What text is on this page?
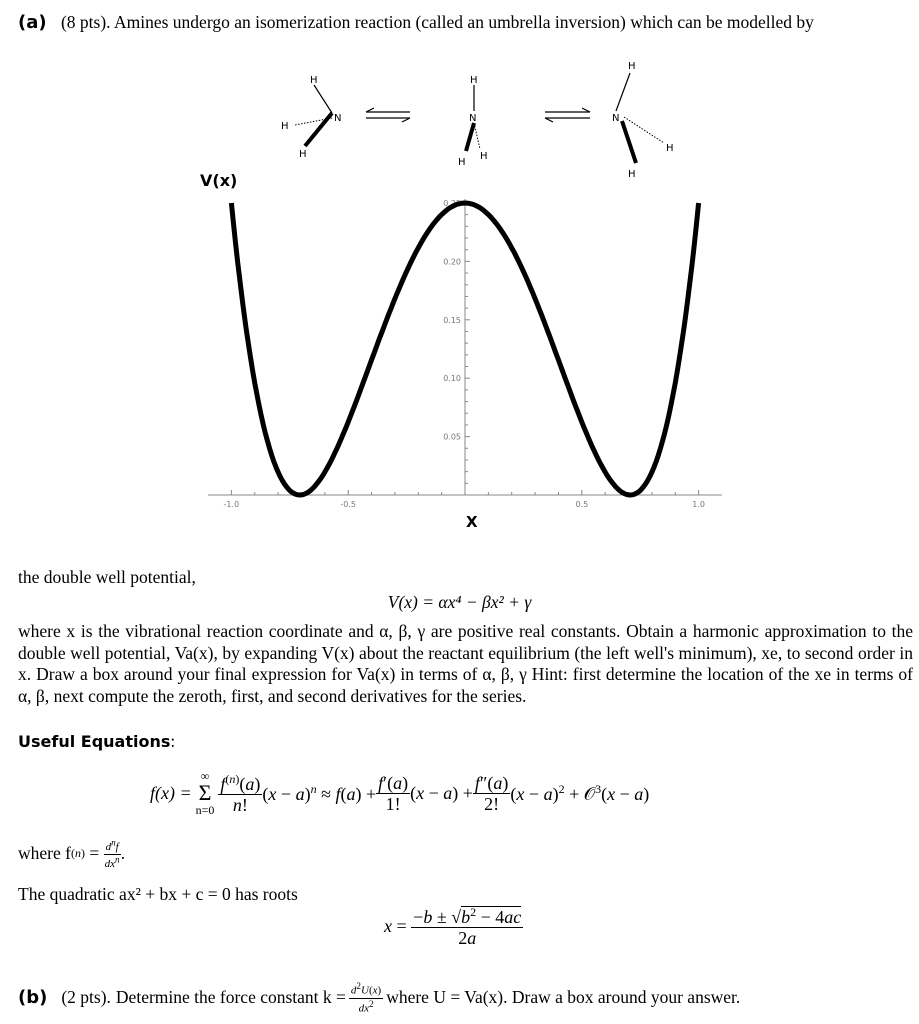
(a) (8 pts). Amines undergo an isomerization reaction (called an umbrella inversion) which can be modelled by
H
N
H
H
H
N
H
H
H
N
H
H
V(x)
X
-1.0	-0.5	0.5	1.0
0.05
0.10
0.15
0.20
0.25
the double well potential,
V(x) = αx⁴ − βx² + γ
where x is the vibrational reaction coordinate and α, β, γ are positive real constants. Obtain a harmonic approximation to the double well potential, Va(x), by expanding V(x) about the reactant equilibrium (the left well's minimum), xe, to second order in x. Draw a box around your final expression for Va(x) in terms of α, β, γ Hint: first determine the location of the xe in terms of α, β, next compute the zeroth, first, and second derivatives for the series.
Useful Equations:
f(x) =
∞
Σ
$n=0 \frac{f^{(n)}(a)}{n!} (x - a)^n \approx f(a) + \frac{f'(a)}{1!} (x - a) + \frac{f''(a)}{2!} (x - a)^2$ + 𝒪$^3$(x − a)
where f $(n) = \frac{d^nf}{dx^n}$ .
The quadratic ax² + bx + c = 0 has roots
$x = \frac{-b \pm √b^2 - 4ac}{2a}$
(b) (2 pts). Determine the force constant $k = \frac{d^2U(x)}{dx^2}$ where U = Va(x). Draw a box around your answer.
